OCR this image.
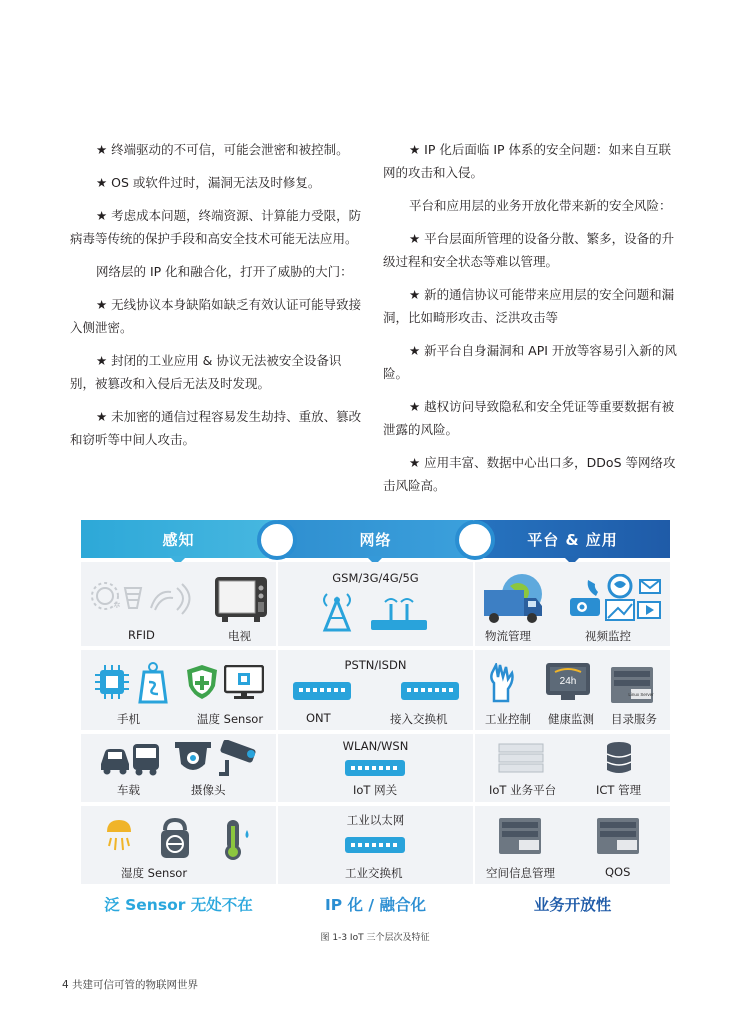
★ 终端驱动的不可信，可能会泄密和被控制。

★ OS 或软件过时，漏洞无法及时修复。

★ 考虑成本问题，终端资源、计算能力受限，防病毒等传统的保护手段和高安全技术可能无法应用。

网络层的 IP 化和融合化，打开了威胁的大门：

★ 无线协议本身缺陷如缺乏有效认证可能导致接入侧泄密。

★ 封闭的工业应用 & 协议无法被安全设备识别，被篡改和入侵后无法及时发现。

★ 未加密的通信过程容易发生劫持、重放、篡改和窃听等中间人攻击。

★ IP 化后面临 IP 体系的安全问题：如来自互联网的攻击和入侵。

平台和应用层的业务开放化带来新的安全风险：

★ 平台层面所管理的设备分散、繁多，设备的升级过程和安全状态等难以管理。

★ 新的通信协议可能带来应用层的安全问题和漏洞，比如畸形攻击、泛洪攻击等

★ 新平台自身漏洞和 API 开放等容易引入新的风险。

★ 越权访问导致隐私和安全凭证等重要数据有被泄露的风险。

★ 应用丰富、数据中心出口多，DDoS 等网络攻击风险高。

感知	网络	平台 & 应用
✲
RFID	电视
手机	温度 Sensor
车载	摄像头
湿度 Sensor
GSM/3G/4G/5G
PSTN/ISDN
ONT	接入交换机
WLAN/WSN
IoT 网关
工业以太网
工业交换机
物流管理	视频监控
24h
Linux Server
工业控制 健康监测 目录服务
IoT 业务平台	ICT 管理
空间信息管理	QOS
泛 Sensor 无处不在	IP 化 / 融合化	业务开放性
图 1-3 IoT 三个层次及特征
4 共建可信可管的物联网世界
